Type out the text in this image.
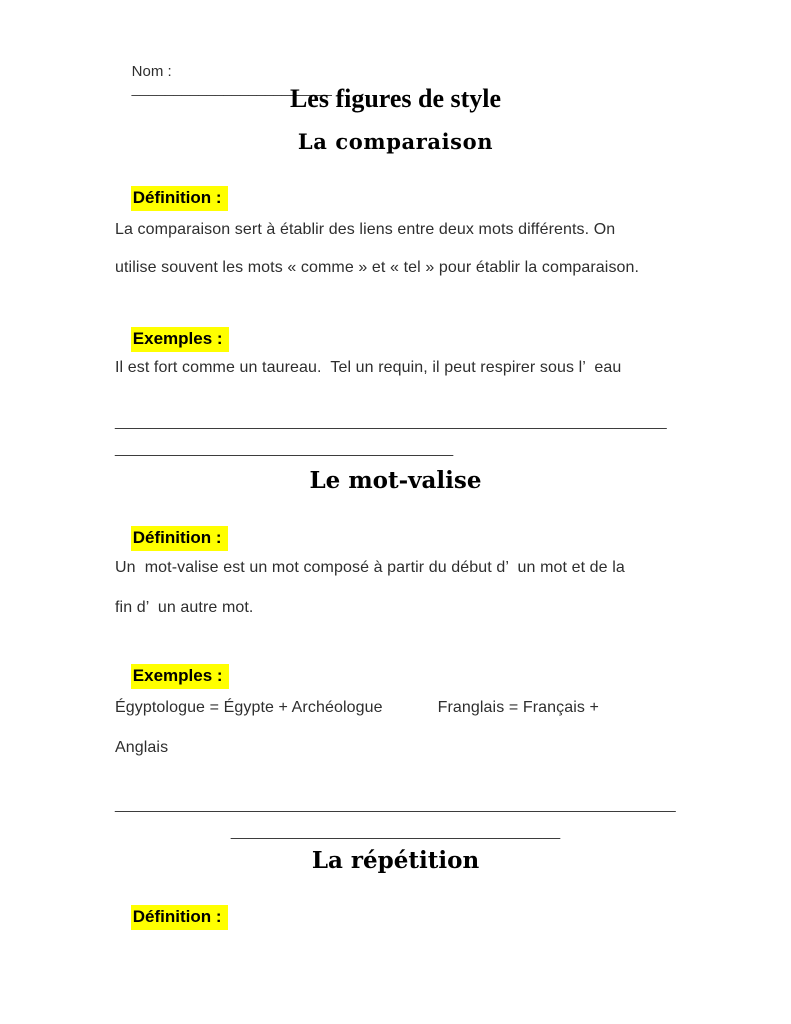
Nom :
________________________

Les figures de style
La comparaison

Définition :

La comparaison sert à établir des liens entre deux mots différents. On
utilise souvent les mots « comme » et « tel » pour établir la comparaison.

Exemples :

Il est fort comme un taureau.  Tel un requin, il peut respirer sous l’  eau
______________________________________________________________
______________________________________
Le mot-valise

Définition :

Un  mot-valise est un mot composé à partir du début d’  un mot et de la
fin d’  un autre mot.

Exemples :

Égyptologue = Égypte + Archéologue	Franglais = Français +
Anglais
_______________________________________________________________
_____________________________________
La répétition

Définition :
